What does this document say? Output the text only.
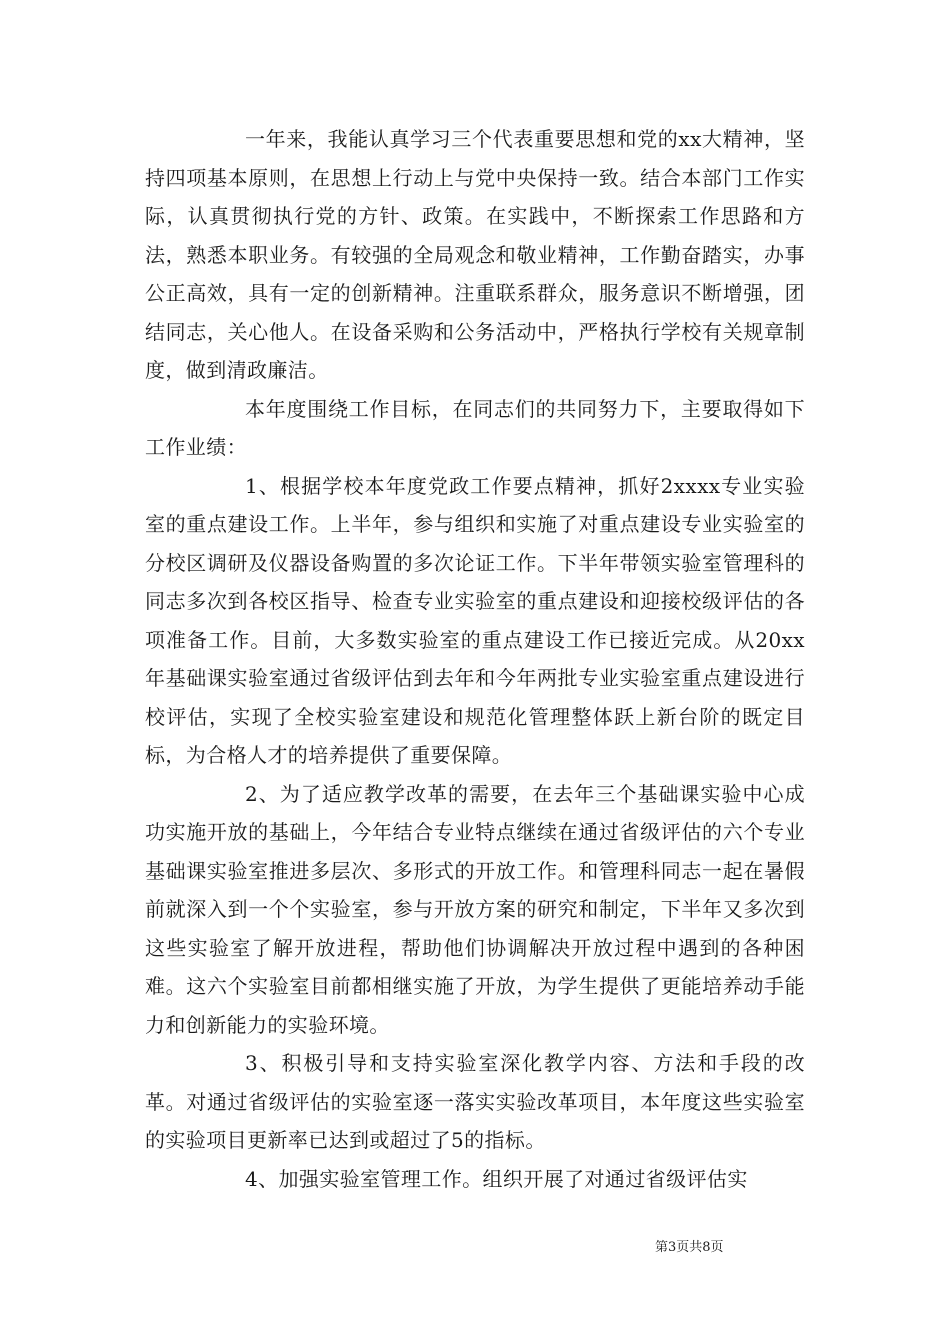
一年来，我能认真学习三个代表重要思想和党的xx大精神，坚持四项基本原则，在思想上行动上与党中央保持一致。结合本部门工作实际，认真贯彻执行党的方针、政策。在实践中，不断探索工作思路和方法，熟悉本职业务。有较强的全局观念和敬业精神，工作勤奋踏实，办事公正高效，具有一定的创新精神。注重联系群众，服务意识不断增强，团结同志，关心他人。在设备采购和公务活动中，严格执行学校有关规章制度，做到清政廉洁。

本年度围绕工作目标，在同志们的共同努力下，主要取得如下工作业绩：

1、根据学校本年度党政工作要点精神，抓好2xxxx专业实验室的重点建设工作。上半年，参与组织和实施了对重点建设专业实验室的分校区调研及仪器设备购置的多次论证工作。下半年带领实验室管理科的同志多次到各校区指导、检查专业实验室的重点建设和迎接校级评估的各项准备工作。目前，大多数实验室的重点建设工作已接近完成。从20xx年基础课实验室通过省级评估到去年和今年两批专业实验室重点建设进行校评估，实现了全校实验室建设和规范化管理整体跃上新台阶的既定目标，为合格人才的培养提供了重要保障。

2、为了适应教学改革的需要，在去年三个基础课实验中心成功实施开放的基础上，今年结合专业特点继续在通过省级评估的六个专业基础课实验室推进多层次、多形式的开放工作。和管理科同志一起在暑假前就深入到一个个实验室，参与开放方案的研究和制定，下半年又多次到这些实验室了解开放进程，帮助他们协调解决开放过程中遇到的各种困难。这六个实验室目前都相继实施了开放，为学生提供了更能培养动手能力和创新能力的实验环境。

3、积极引导和支持实验室深化教学内容、方法和手段的改革。对通过省级评估的实验室逐一落实实验改革项目，本年度这些实验室的实验项目更新率已达到或超过了5的指标。

4、加强实验室管理工作。组织开展了对通过省级评估实

第3页共8页
